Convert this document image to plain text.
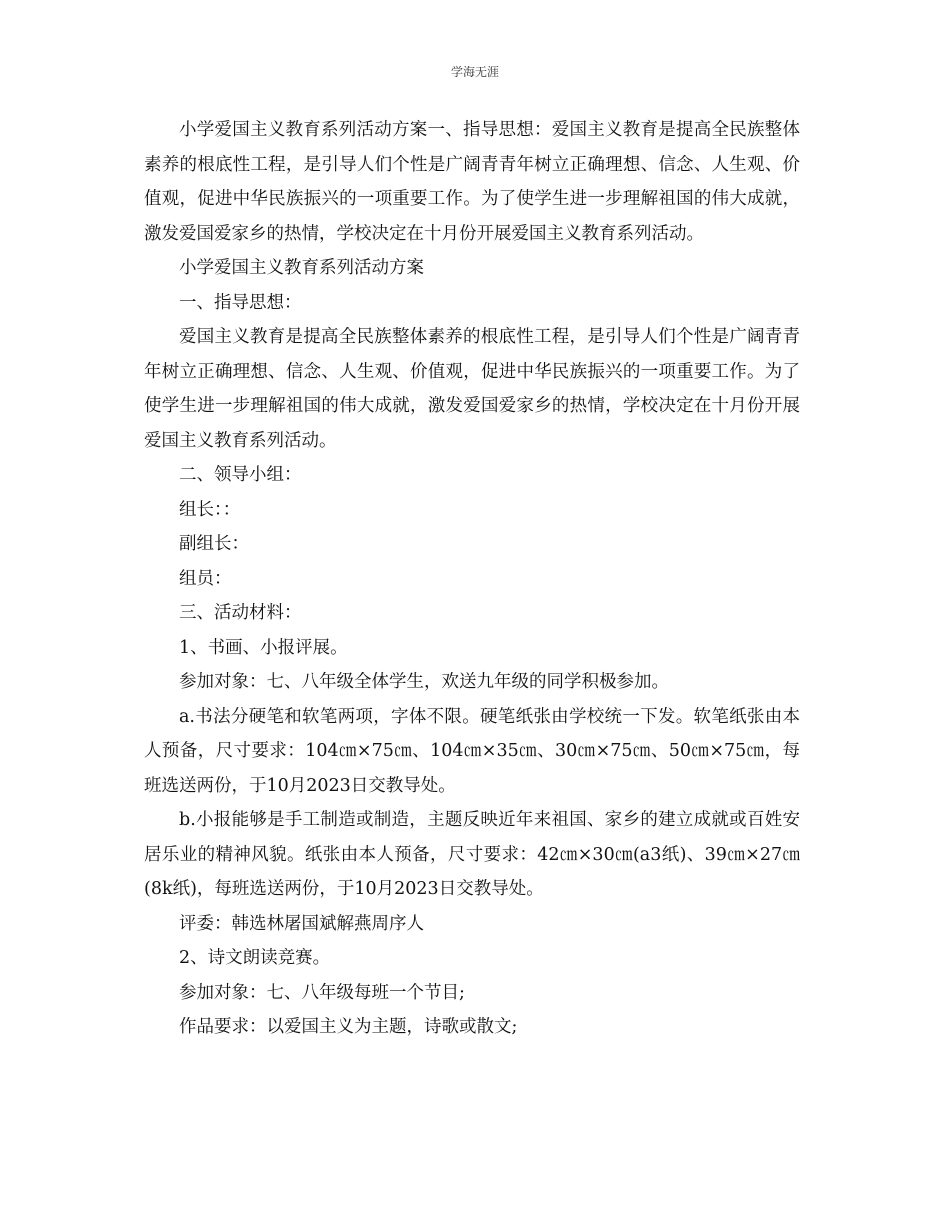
学海无涯

小学爱国主义教育系列活动方案一、指导思想：爱国主义教育是提高全民族整体素养的根底性工程，是引导人们个性是广阔青青年树立正确理想、信念、人生观、价值观，促进中华民族振兴的一项重要工作。为了使学生进一步理解祖国的伟大成就，激发爱国爱家乡的热情，学校决定在十月份开展爱国主义教育系列活动。

小学爱国主义教育系列活动方案

一、指导思想：

爱国主义教育是提高全民族整体素养的根底性工程，是引导人们个性是广阔青青年树立正确理想、信念、人生观、价值观，促进中华民族振兴的一项重要工作。为了使学生进一步理解祖国的伟大成就，激发爱国爱家乡的热情，学校决定在十月份开展爱国主义教育系列活动。

二、领导小组：

组长：：

副组长：

组员：

三、活动材料：

1、书画、小报评展。

参加对象：七、八年级全体学生，欢送九年级的同学积极参加。

a.书法分硬笔和软笔两项，字体不限。硬笔纸张由学校统一下发。软笔纸张由本人预备，尺寸要求：104㎝×75㎝、104㎝×35㎝、30㎝×75㎝、50㎝×75㎝，每班选送两份，于10月2023日交教导处。

b.小报能够是手工制造或制造，主题反映近年来祖国、家乡的建立成就或百姓安居乐业的精神风貌。纸张由本人预备，尺寸要求：42㎝×30㎝(a3纸)、39㎝×27㎝(8k纸)，每班选送两份，于10月2023日交教导处。

评委：韩选林屠国斌解燕周序人

2、诗文朗读竞赛。

参加对象：七、八年级每班一个节目;

作品要求：以爱国主义为主题，诗歌或散文;
